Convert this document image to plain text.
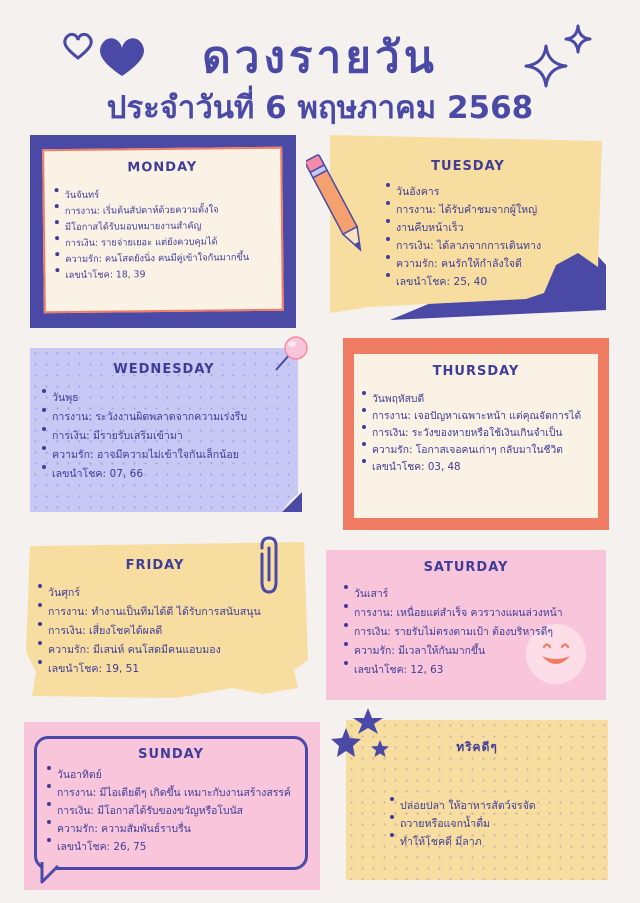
ดวงรายวัน
ประจำวันที่ 6 พฤษภาคม 2568
MONDAY
วันจันทร์
การงาน: เริ่มต้นสัปดาห์ด้วยความตั้งใจ
มีโอกาสได้รับมอบหมายงานสำคัญ
การเงิน: รายจ่ายเยอะ แต่ยังควบคุมได้
ความรัก: คนโสดยังนิ่ง คนมีคู่เข้าใจกันมากขึ้น
เลขนำโชค: 18, 39
TUESDAY
วันอังคาร
การงาน: ได้รับคำชมจากผู้ใหญ่
งานคืบหน้าเร็ว
การเงิน: ได้ลาภจากการเดินทาง
ความรัก: คนรักให้กำลังใจดี
เลขนำโชค: 25, 40
WEDNESDAY
วันพุธ
การงาน: ระวังงานผิดพลาดจากความเร่งรีบ
การเงิน: มีรายรับเสริมเข้ามา
ความรัก: อาจมีความไม่เข้าใจกันเล็กน้อย
เลขนำโชค: 07, 66
THURSDAY
วันพฤหัสบดี
การงาน: เจอปัญหาเฉพาะหน้า แต่คุณจัดการได้
การเงิน: ระวังของหายหรือใช้เงินเกินจำเป็น
ความรัก: โอกาสเจอคนเก่าๆ กลับมาในชีวิต
เลขนำโชค: 03, 48
FRIDAY
วันศุกร์
การงาน: ทำงานเป็นทีมได้ดี ได้รับการสนับสนุน
การเงิน: เสี่ยงโชคได้ผลดี
ความรัก: มีเสน่ห์ คนโสดมีคนแอบมอง
เลขนำโชค: 19, 51
SATURDAY
วันเสาร์
การงาน: เหนื่อยแต่สำเร็จ ควรวางแผนล่วงหน้า
การเงิน: รายรับไม่ตรงตามเป้า ต้องบริหารดีๆ
ความรัก: มีเวลาให้กันมากขึ้น
เลขนำโชค: 12, 63
SUNDAY
วันอาทิตย์
การงาน: มีไอเดียดีๆ เกิดขึ้น เหมาะกับงานสร้างสรรค์
การเงิน: มีโอกาสได้รับของขวัญหรือโบนัส
ความรัก: ความสัมพันธ์ราบรื่น
เลขนำโชค: 26, 75
ทริคดีๆ
ปล่อยปลา ให้อาหารสัตว์จรจัด
ถวายหรือแจกน้ำดื่ม
ทำให้โชคดี มีลาภ
